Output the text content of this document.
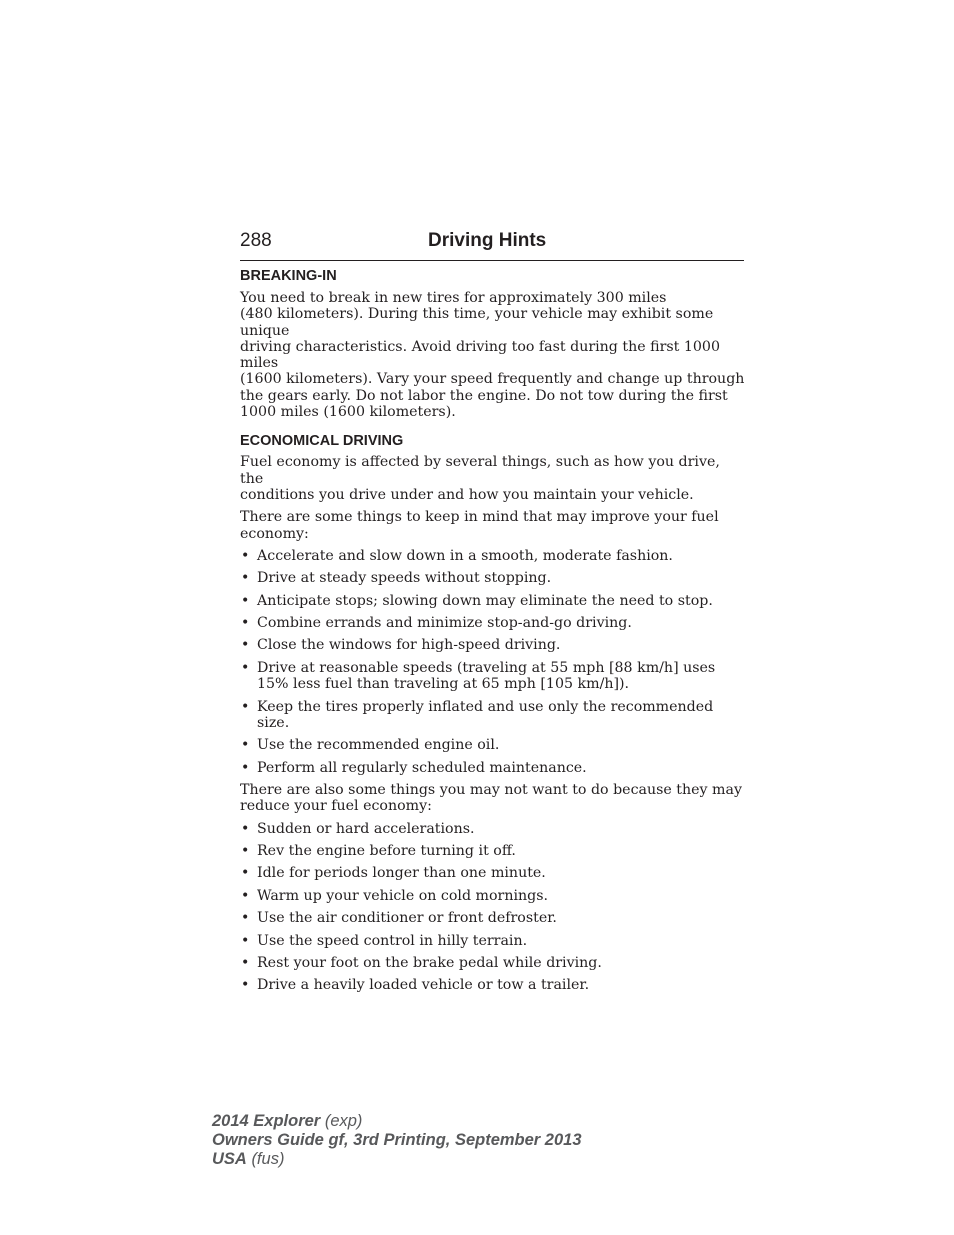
288	Driving Hints
BREAKING-IN

You need to break in new tires for approximately 300 miles
(480 kilometers). During this time, your vehicle may exhibit some unique
driving characteristics. Avoid driving too fast during the first 1000 miles
(1600 kilometers). Vary your speed frequently and change up through
the gears early. Do not labor the engine. Do not tow during the first
1000 miles (1600 kilometers).

ECONOMICAL DRIVING

Fuel economy is affected by several things, such as how you drive, the
conditions you drive under and how you maintain your vehicle.

There are some things to keep in mind that may improve your fuel
economy:

• Accelerate and slow down in a smooth, moderate fashion.
• Drive at steady speeds without stopping.
• Anticipate stops; slowing down may eliminate the need to stop.
• Combine errands and minimize stop-and-go driving.
• Close the windows for high-speed driving.
• Drive at reasonable speeds (traveling at 55 mph [88 km/h] uses 15% less fuel than traveling at 65 mph [105 km/h]).
• Keep the tires properly inflated and use only the recommended size.
• Use the recommended engine oil.
• Perform all regularly scheduled maintenance.

There are also some things you may not want to do because they may
reduce your fuel economy:

• Sudden or hard accelerations.
• Rev the engine before turning it off.
• Idle for periods longer than one minute.
• Warm up your vehicle on cold mornings.
• Use the air conditioner or front defroster.
• Use the speed control in hilly terrain.
• Rest your foot on the brake pedal while driving.
• Drive a heavily loaded vehicle or tow a trailer.
2014 Explorer (exp)
Owners Guide gf, 3rd Printing, September 2013
USA (fus)
